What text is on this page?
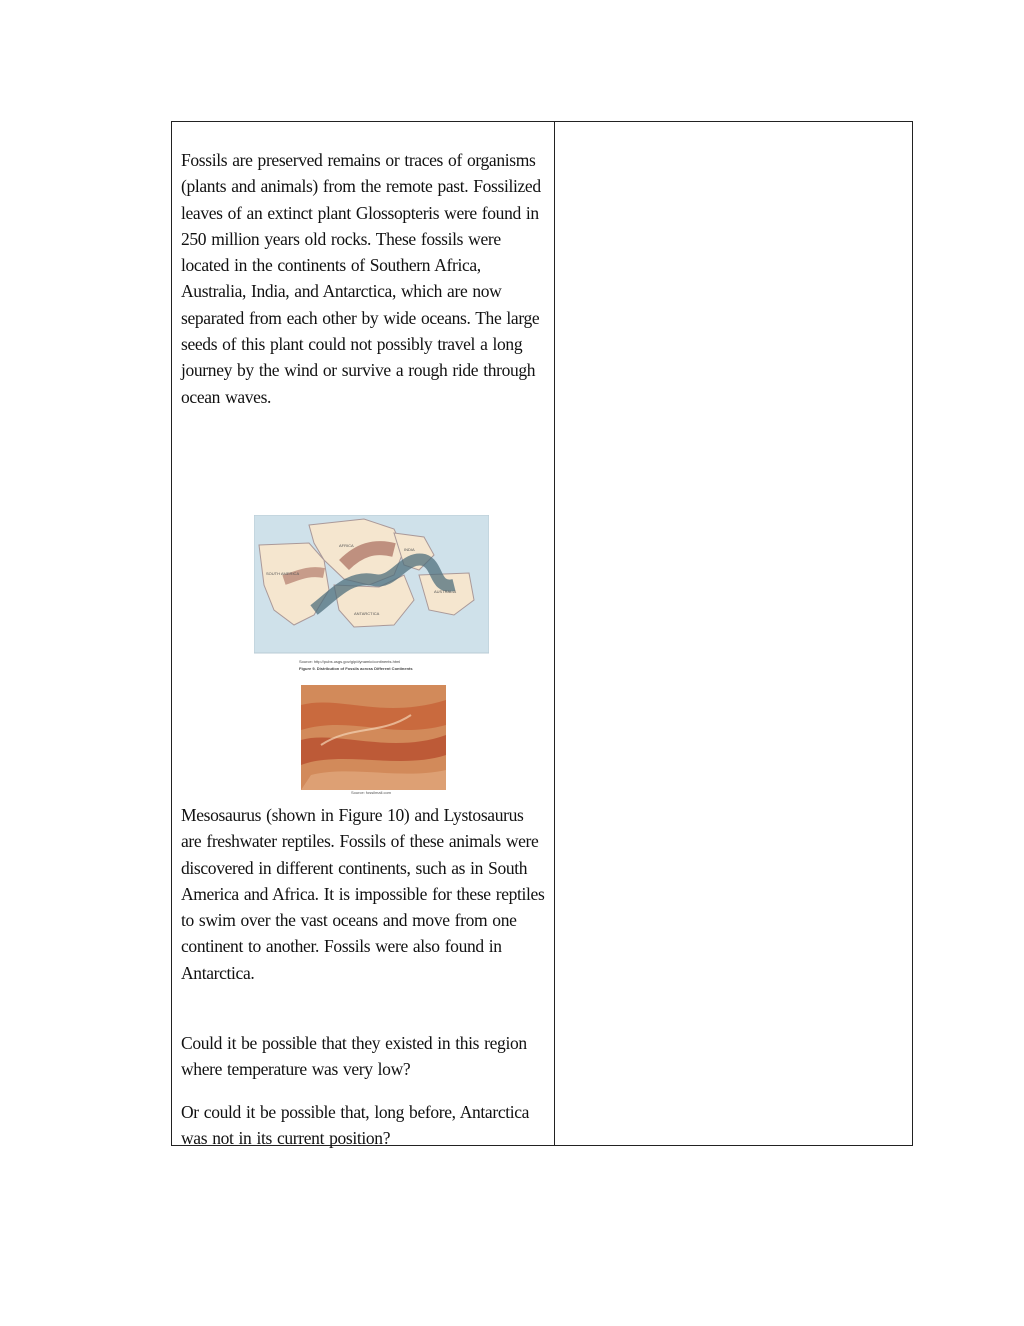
Fossils are preserved remains or traces of organisms (plants and animals) from the remote past. Fossilized leaves of an extinct plant Glossopteris were found in 250 million years old rocks. These fossils were located in the continents of Southern Africa, Australia, India, and Antarctica, which are now separated from each other by wide oceans. The large seeds of this plant could not possibly travel a long journey by the wind or survive a rough ride through ocean waves.

AFRICA
INDIA
SOUTH AMERICA
AUSTRALIA
ANTARCTICA
Source: http://pubs.usgs.gov/gip/dynamic/continents.html
Figure 9. Distribution of Fossils across Different Continents
Source: fossilmall.com

Mesosaurus (shown in Figure 10) and Lystosaurus are freshwater reptiles. Fossils of these animals were discovered in different continents, such as in South America and Africa. It is impossible for these reptiles to swim over the vast oceans and move from one continent to another. Fossils were also found in Antarctica.

Could it be possible that they existed in this region where temperature was very low?

Or could it be possible that, long before, Antarctica was not in its current position?
